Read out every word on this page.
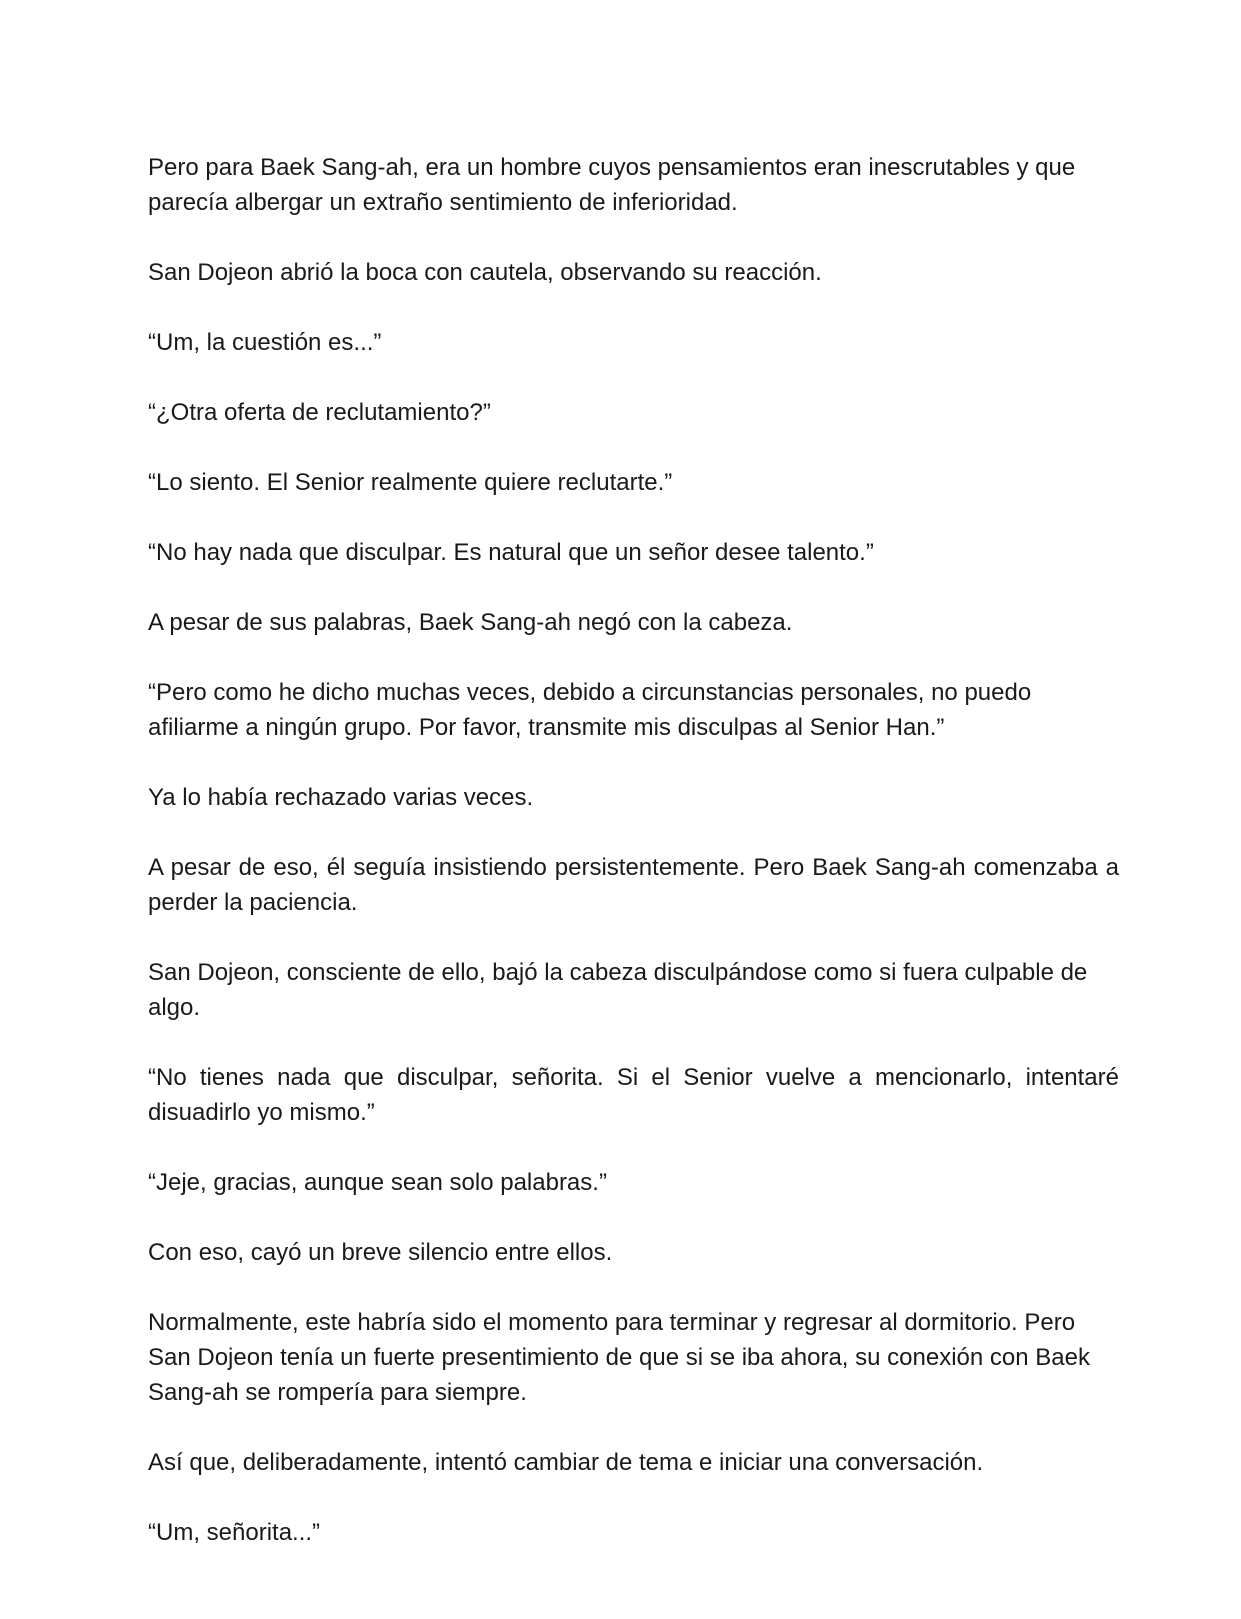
Pero para Baek Sang-ah, era un hombre cuyos pensamientos eran inescrutables y que parecía albergar un extraño sentimiento de inferioridad.

San Dojeon abrió la boca con cautela, observando su reacción.

“Um, la cuestión es...”

“¿Otra oferta de reclutamiento?”

“Lo siento. El Senior realmente quiere reclutarte.”

“No hay nada que disculpar. Es natural que un señor desee talento.”

A pesar de sus palabras, Baek Sang-ah negó con la cabeza.

“Pero como he dicho muchas veces, debido a circunstancias personales, no puedo afiliarme a ningún grupo. Por favor, transmite mis disculpas al Senior Han.”

Ya lo había rechazado varias veces.

A pesar de eso, él seguía insistiendo persistentemente. Pero Baek Sang-ah comenzaba a perder la paciencia.

San Dojeon, consciente de ello, bajó la cabeza disculpándose como si fuera culpable de algo.

“No tienes nada que disculpar, señorita. Si el Senior vuelve a mencionarlo, intentaré disuadirlo yo mismo.”

“Jeje, gracias, aunque sean solo palabras.”

Con eso, cayó un breve silencio entre ellos.

Normalmente, este habría sido el momento para terminar y regresar al dormitorio. Pero San Dojeon tenía un fuerte presentimiento de que si se iba ahora, su conexión con Baek Sang-ah se rompería para siempre.

Así que, deliberadamente, intentó cambiar de tema e iniciar una conversación.

“Um, señorita...”
